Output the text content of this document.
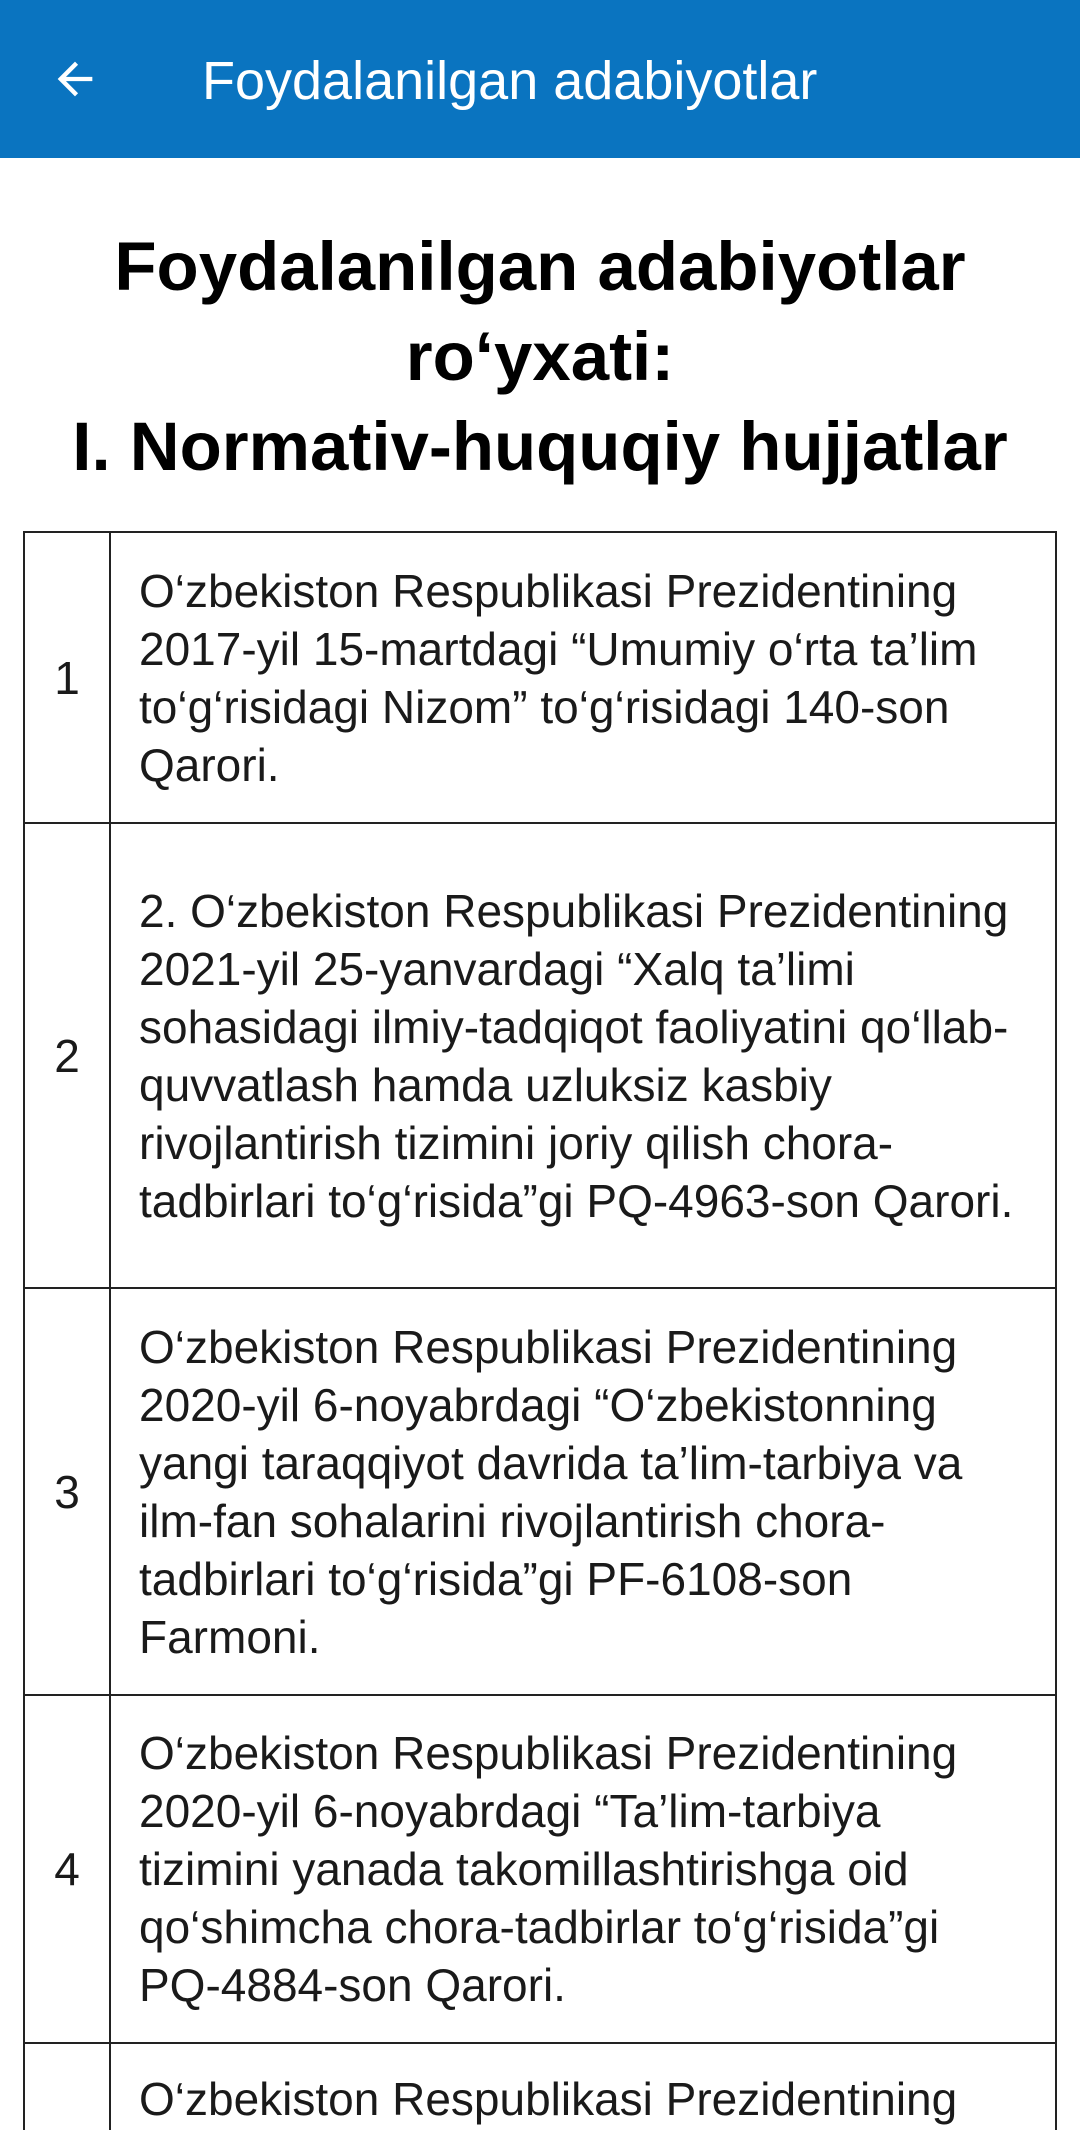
Foydalanilgan adabiyotlar
Foydalanilgan adabiyotlar
ro‘yxati:
I. Normativ-huquqiy hujjatlar
1	O‘zbekiston Respublikasi Prezidentining 2017-yil 15-martdagi “Umumiy o‘rta ta’lim to‘g‘risidagi Nizom” to‘g‘risidagi 140-son Qarori.
2	2. O‘zbekiston Respublikasi Prezidentining 2021-yil 25-yanvardagi “Xalq ta’limi sohasidagi ilmiy-tadqiqot faoliyatini qo‘llab-quvvatlash hamda uzluksiz kasbiy rivojlantirish tizimini joriy qilish chora-tadbirlari to‘g‘risida”gi PQ-4963-son Qarori.
3	O‘zbekiston Respublikasi Prezidentining 2020-yil 6-noyabrdagi “O‘zbekistonning yangi taraqqiyot davrida ta’lim-tarbiya va ilm-fan sohalarini rivojlantirish chora-tadbirlari to‘g‘risida”gi PF-6108-son Farmoni.
4	O‘zbekiston Respublikasi Prezidentining 2020-yil 6-noyabrdagi “Ta’lim-tarbiya tizimini yanada takomillashtirishga oid qo‘shimcha chora-tadbirlar to‘g‘risida”gi PQ-4884-son Qarori.
	O‘zbekiston Respublikasi Prezidentining
